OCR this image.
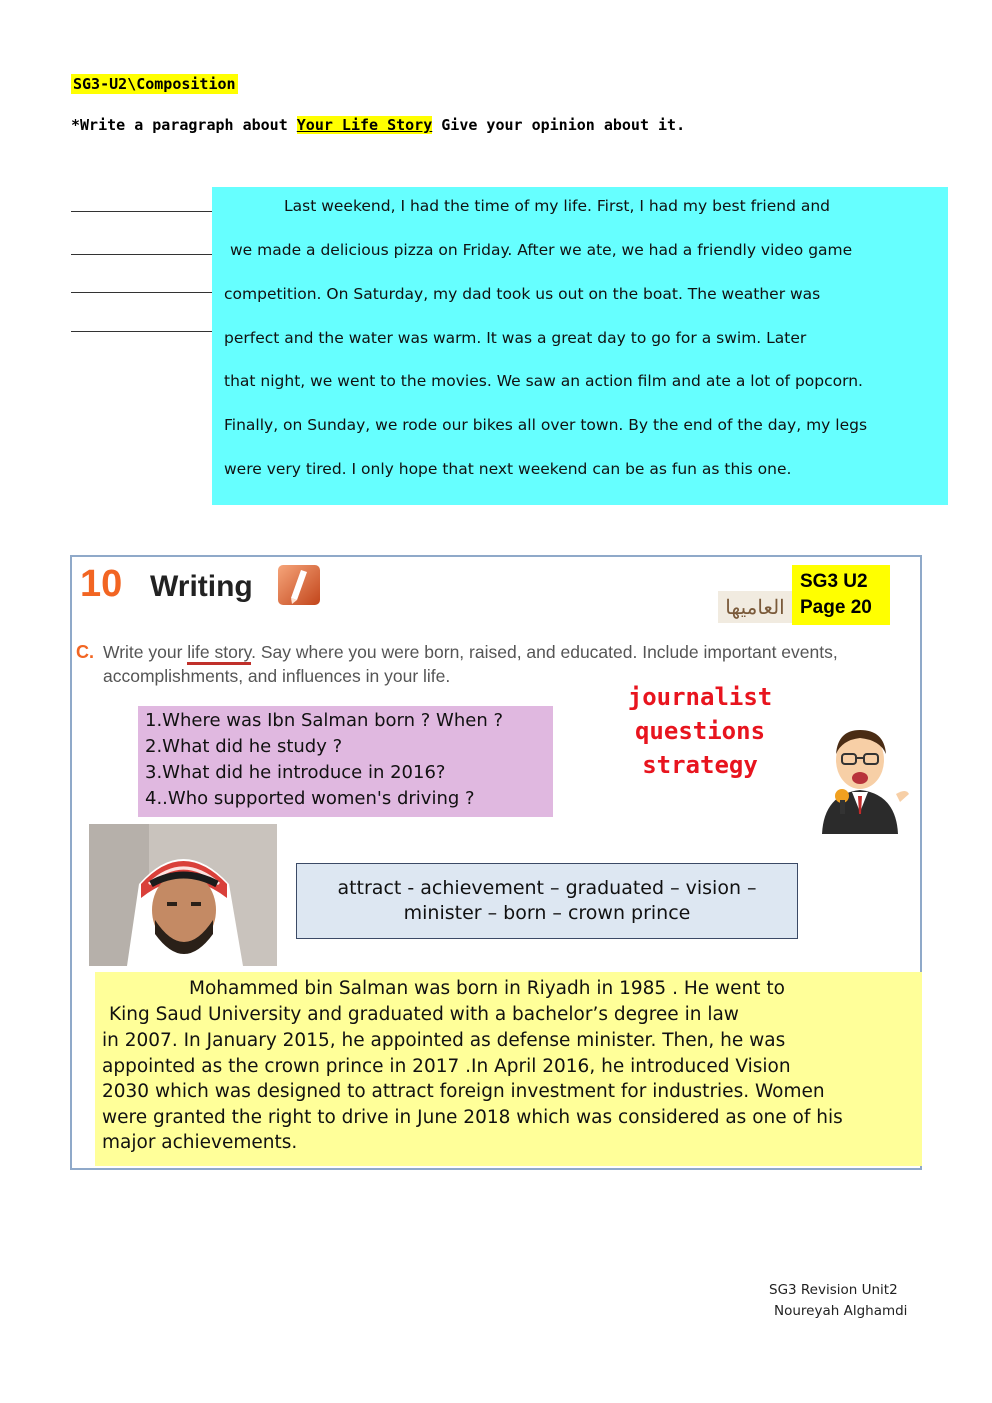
SG3-U2\Composition
*Write a paragraph about Your Life Story Give your opinion about it.
Last weekend, I had the time of my life. First, I had my best friend and
we made a delicious pizza on Friday. After we ate, we had a friendly video game
competition. On Saturday, my dad took us out on the boat. The weather was
perfect and the water was warm. It was a great day to go for a swim. Later
that night, we went to the movies. We saw an action film and ate a lot of popcorn.
Finally, on Sunday, we rode our bikes all over town. By the end of the day, my legs
were very tired. I only hope that next weekend can be as fun as this one.
10 Writing
العاميها
SG3 U2
Page 20
C. Write your life story. Say where you were born, raised, and educated. Include important events,
accomplishments, and influences in your life.
1.Where was Ibn Salman born ? When ?
2.What did he study ?
3.What did he introduce in 2016?
4..Who supported women's driving ?
journalist questions
strategy
attract - achievement – graduated – vision –
minister – born – crown prince
Mohammed bin Salman was born in Riyadh in 1985 . He went to
King Saud University and graduated with a bachelor’s degree in law
in 2007. In January 2015, he appointed as defense minister. Then, he was
appointed as the crown prince in 2017 .In April 2016, he introduced Vision
2030 which was designed to attract foreign investment for industries. Women
were granted the right to drive in June 2018 which was considered as one of his
major achievements.
SG3 Revision Unit2
Noureyah Alghamdi
